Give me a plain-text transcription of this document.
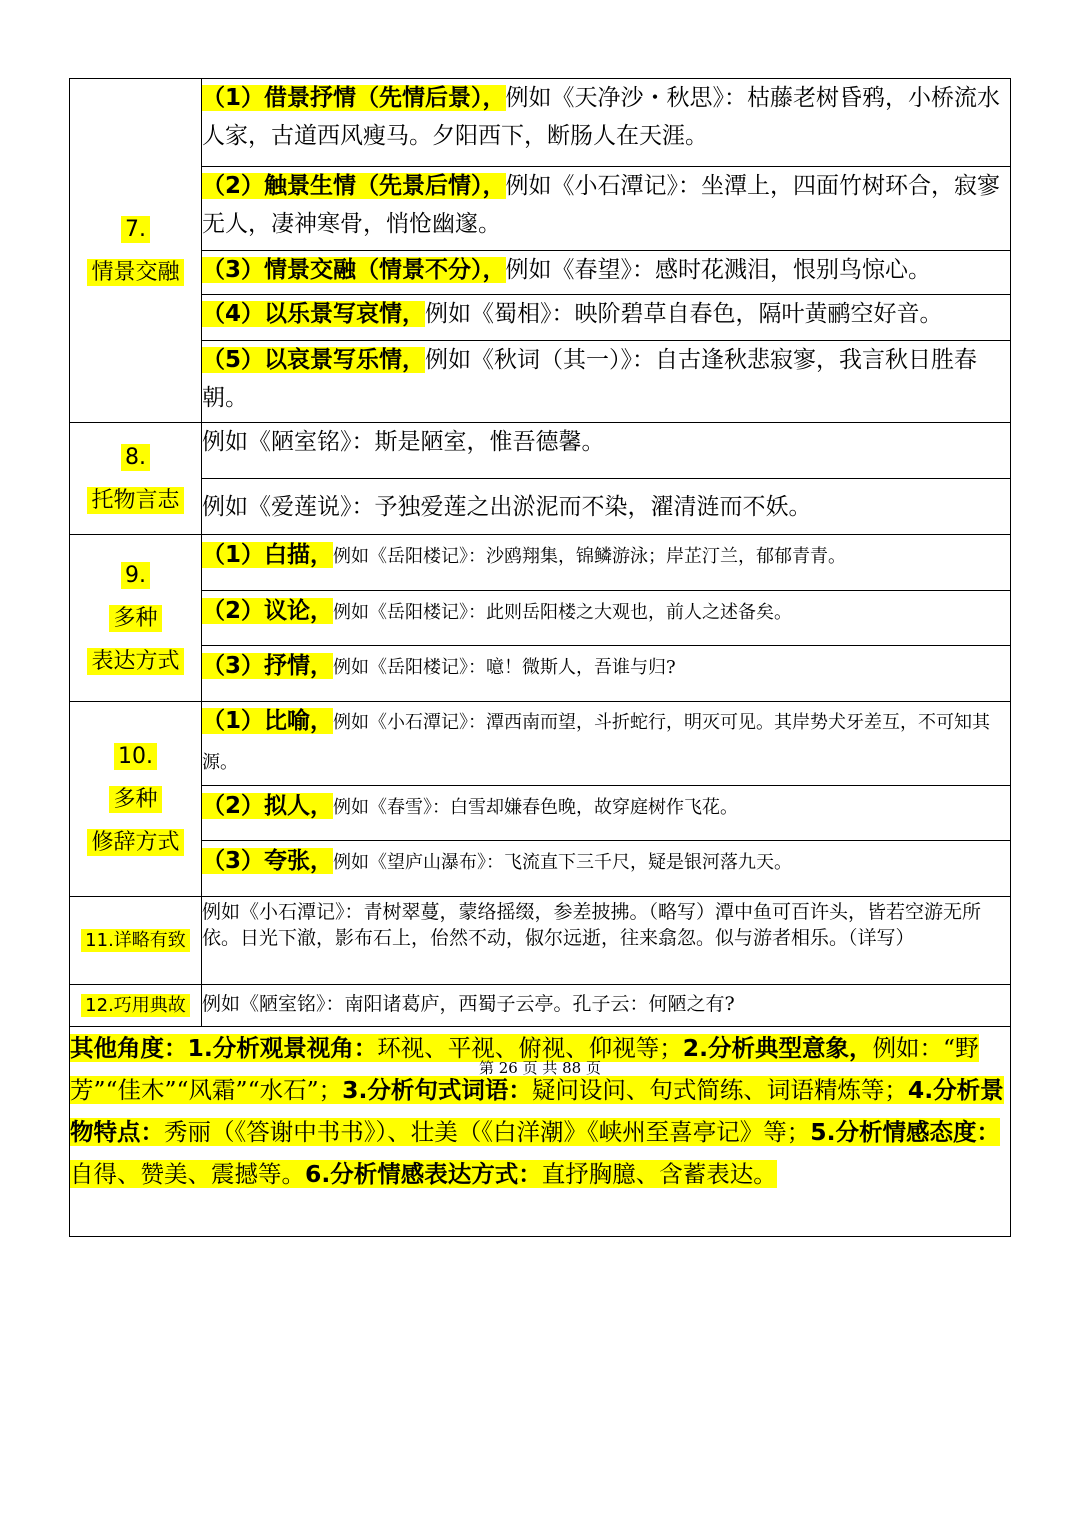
7.
情景交融	（1）借景抒情（先情后景），例如《天净沙・秋思》：枯藤老树昏鸦，小桥流水人家，古道西风瘦马。夕阳西下，断肠人在天涯。
	（2）触景生情（先景后情），例如《小石潭记》：坐潭上，四面竹树环合，寂寥无人，凄神寒骨，悄怆幽邃。
	（3）情景交融（情景不分），例如《春望》：感时花溅泪，恨别鸟惊心。
	（4）以乐景写哀情，例如《蜀相》：映阶碧草自春色，隔叶黄鹂空好音。
	（5）以哀景写乐情，例如《秋词（其一）》：自古逢秋悲寂寥，我言秋日胜春朝。

8.
托物言志	例如《陋室铭》：斯是陋室，惟吾德馨。
	例如《爱莲说》：予独爱莲之出淤泥而不染，濯清涟而不妖。

9.
多种
表达方式	（1）白描，例如《岳阳楼记》：沙鸥翔集，锦鳞游泳；岸芷汀兰，郁郁青青。
	（2）议论，例如《岳阳楼记》：此则岳阳楼之大观也，前人之述备矣。
	（3）抒情，例如《岳阳楼记》：噫！微斯人，吾谁与归?

10.
多种
修辞方式	（1）比喻，例如《小石潭记》：潭西南而望，斗折蛇行，明灭可见。其岸势犬牙差互，不可知其源。
	（2）拟人，例如《春雪》：白雪却嫌春色晚，故穿庭树作飞花。
	（3）夸张，例如《望庐山瀑布》：飞流直下三千尺，疑是银河落九天。
11.详略有致	例如《小石潭记》：青树翠蔓，蒙络摇缀，参差披拂。（略写）潭中鱼可百许头，皆若空游无所依。日光下澈，影布石上，佁然不动，俶尔远逝，往来翕忽。似与游者相乐。（详写）
12.巧用典故	例如《陋室铭》：南阳诸葛庐，西蜀子云亭。孔子云：何陋之有?
其他角度：1.分析观景视角：环视、平视、俯视、仰视等；2.分析典型意象，例如：“野芳”“佳木”“风霜”“水石”；3.分析句式词语：疑问设问、句式简练、词语精炼等；4.分析景物特点：秀丽（《答谢中书书》）、壮美（《白洋潮》《峡州至喜亭记》等；5.分析情感态度：自得、赞美、震撼等。6.分析情感表达方式：直抒胸臆、含蓄表达。	
第 26 页 共 88 页
